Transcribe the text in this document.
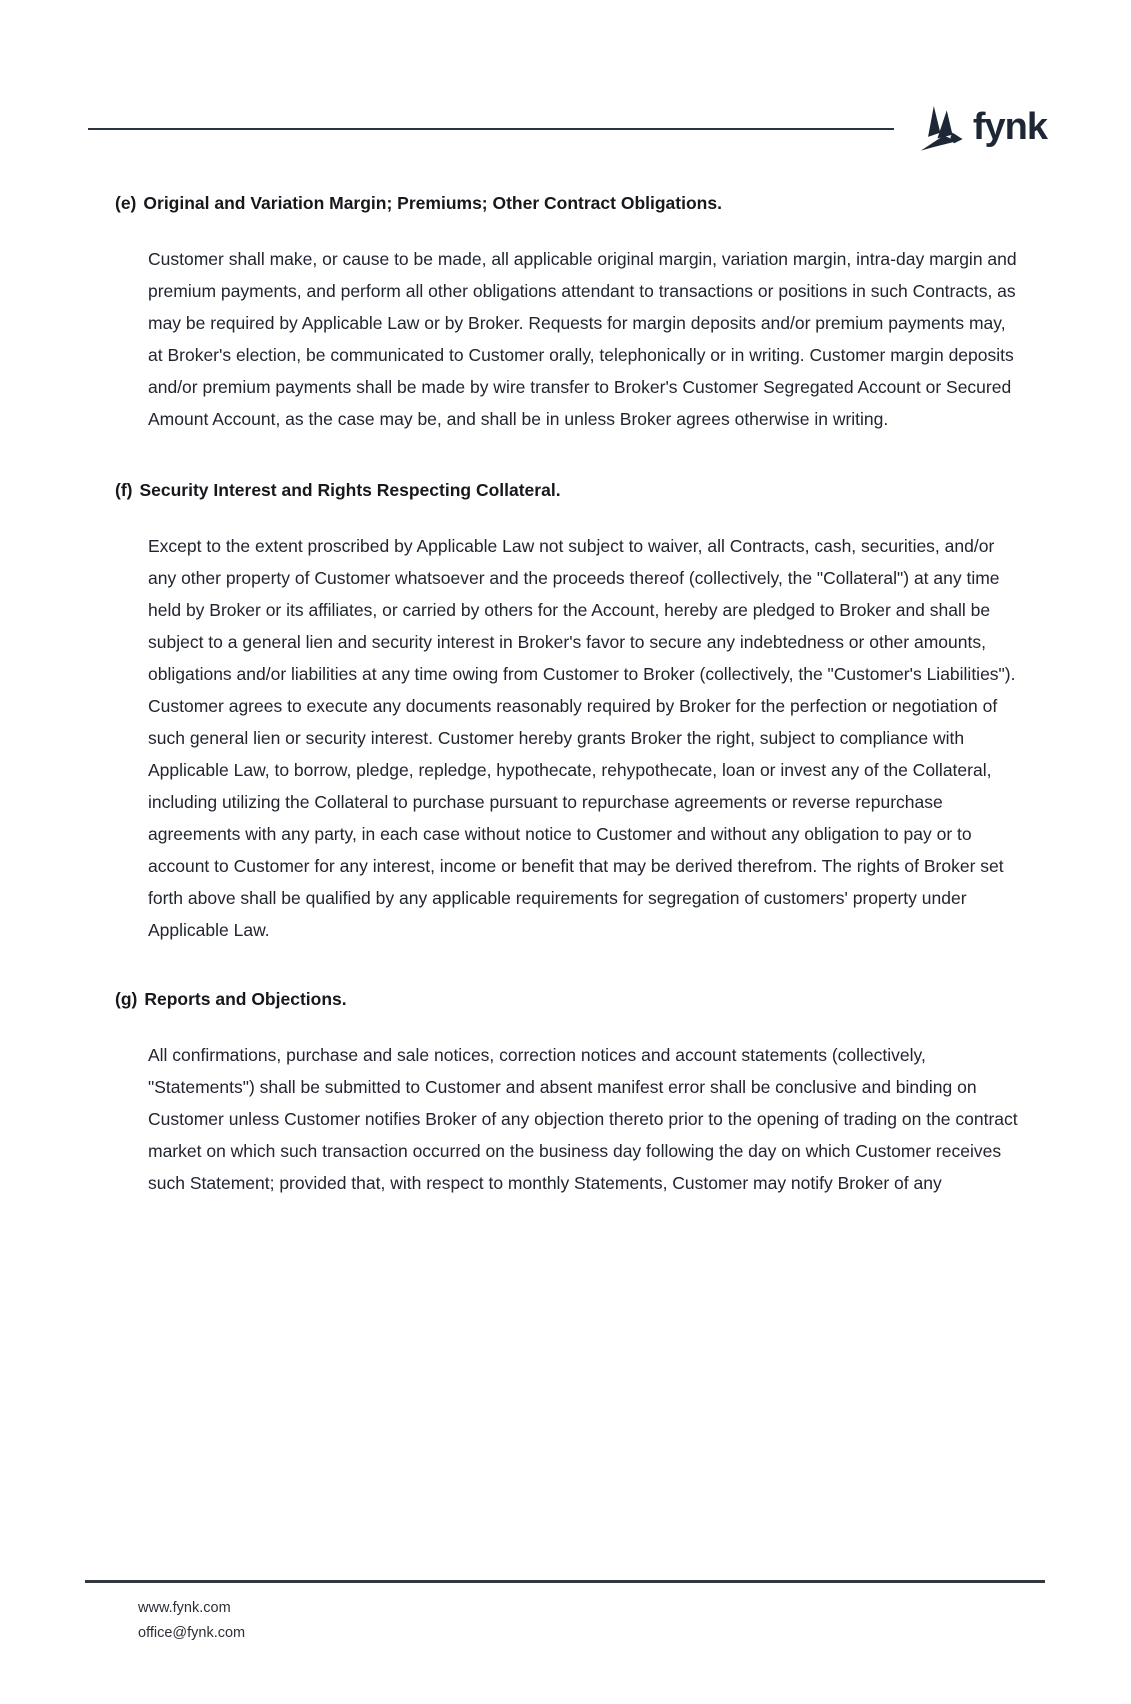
fynk
(e) Original and Variation Margin; Premiums; Other Contract Obligations.
Customer shall make, or cause to be made, all applicable original margin, variation margin, intra-day margin and premium payments, and perform all other obligations attendant to transactions or positions in such Contracts, as may be required by Applicable Law or by Broker. Requests for margin deposits and/or premium payments may, at Broker's election, be communicated to Customer orally, telephonically or in writing. Customer margin deposits and/or premium payments shall be made by wire transfer to Broker's Customer Segregated Account or Secured Amount Account, as the case may be, and shall be in unless Broker agrees otherwise in writing.
(f) Security Interest and Rights Respecting Collateral.
Except to the extent proscribed by Applicable Law not subject to waiver, all Contracts, cash, securities, and/or any other property of Customer whatsoever and the proceeds thereof (collectively, the "Collateral") at any time held by Broker or its affiliates, or carried by others for the Account, hereby are pledged to Broker and shall be subject to a general lien and security interest in Broker's favor to secure any indebtedness or other amounts, obligations and/or liabilities at any time owing from Customer to Broker (collectively, the "Customer's Liabilities"). Customer agrees to execute any documents reasonably required by Broker for the perfection or negotiation of such general lien or security interest. Customer hereby grants Broker the right, subject to compliance with Applicable Law, to borrow, pledge, repledge, hypothecate, rehypothecate, loan or invest any of the Collateral, including utilizing the Collateral to purchase pursuant to repurchase agreements or reverse repurchase agreements with any party, in each case without notice to Customer and without any obligation to pay or to account to Customer for any interest, income or benefit that may be derived therefrom. The rights of Broker set forth above shall be qualified by any applicable requirements for segregation of customers' property under Applicable Law.
(g) Reports and Objections.
All confirmations, purchase and sale notices, correction notices and account statements (collectively, "Statements") shall be submitted to Customer and absent manifest error shall be conclusive and binding on Customer unless Customer notifies Broker of any objection thereto prior to the opening of trading on the contract market on which such transaction occurred on the business day following the day on which Customer receives such Statement; provided that, with respect to monthly Statements, Customer may notify Broker of any
www.fynk.com
office@fynk.com
